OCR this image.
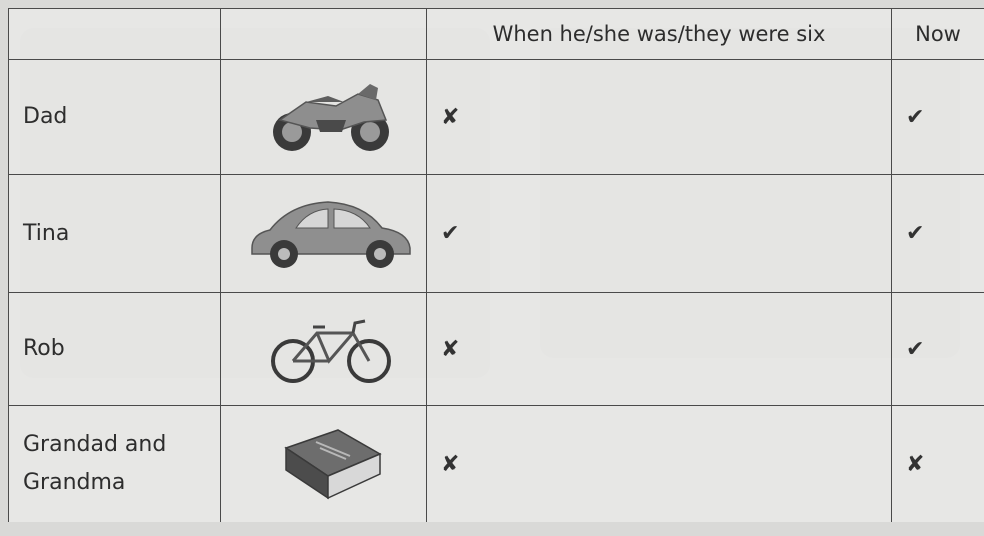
		When he/she was/they were six	Now
Dad		✘	✔
Tina		✔	✔
Rob		✘	✔
Grandad and Grandma		✘	✘
